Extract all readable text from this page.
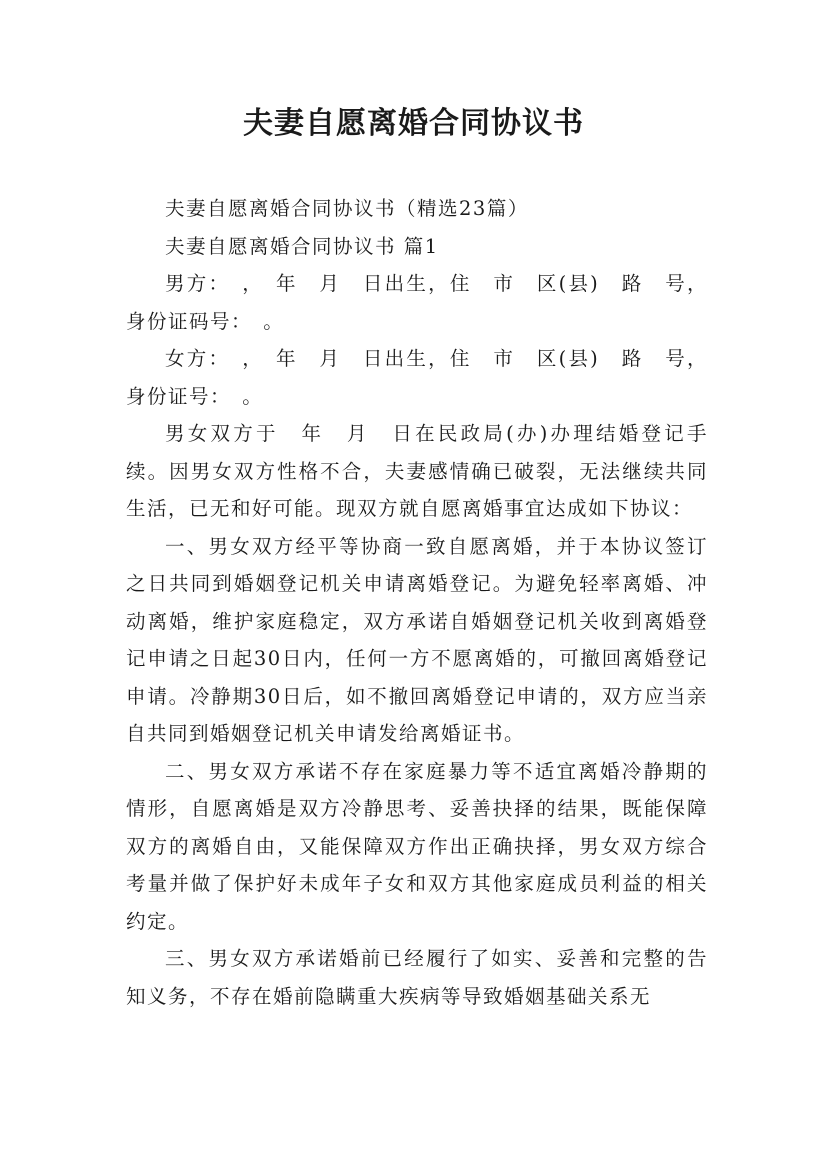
夫妻自愿离婚合同协议书

夫妻自愿离婚合同协议书（精选23篇）

夫妻自愿离婚合同协议书 篇1

男方：　，　年　月　日出生，住　市　区(县)　路　号，身份证码号：　。

女方：　，　年　月　日出生，住　市　区(县)　路　号，身份证号：　。

男女双方于　年　月　日在民政局(办)办理结婚登记手续。因男女双方性格不合，夫妻感情确已破裂，无法继续共同生活，已无和好可能。现双方就自愿离婚事宜达成如下协议：

一、男女双方经平等协商一致自愿离婚，并于本协议签订之日共同到婚姻登记机关申请离婚登记。为避免轻率离婚、冲动离婚，维护家庭稳定，双方承诺自婚姻登记机关收到离婚登记申请之日起30日内，任何一方不愿离婚的，可撤回离婚登记申请。冷静期30日后，如不撤回离婚登记申请的，双方应当亲自共同到婚姻登记机关申请发给离婚证书。

二、男女双方承诺不存在家庭暴力等不适宜离婚冷静期的情形，自愿离婚是双方冷静思考、妥善抉择的结果，既能保障双方的离婚自由，又能保障双方作出正确抉择，男女双方综合考量并做了保护好未成年子女和双方其他家庭成员利益的相关约定。

三、男女双方承诺婚前已经履行了如实、妥善和完整的告知义务，不存在婚前隐瞒重大疾病等导致婚姻基础关系无
